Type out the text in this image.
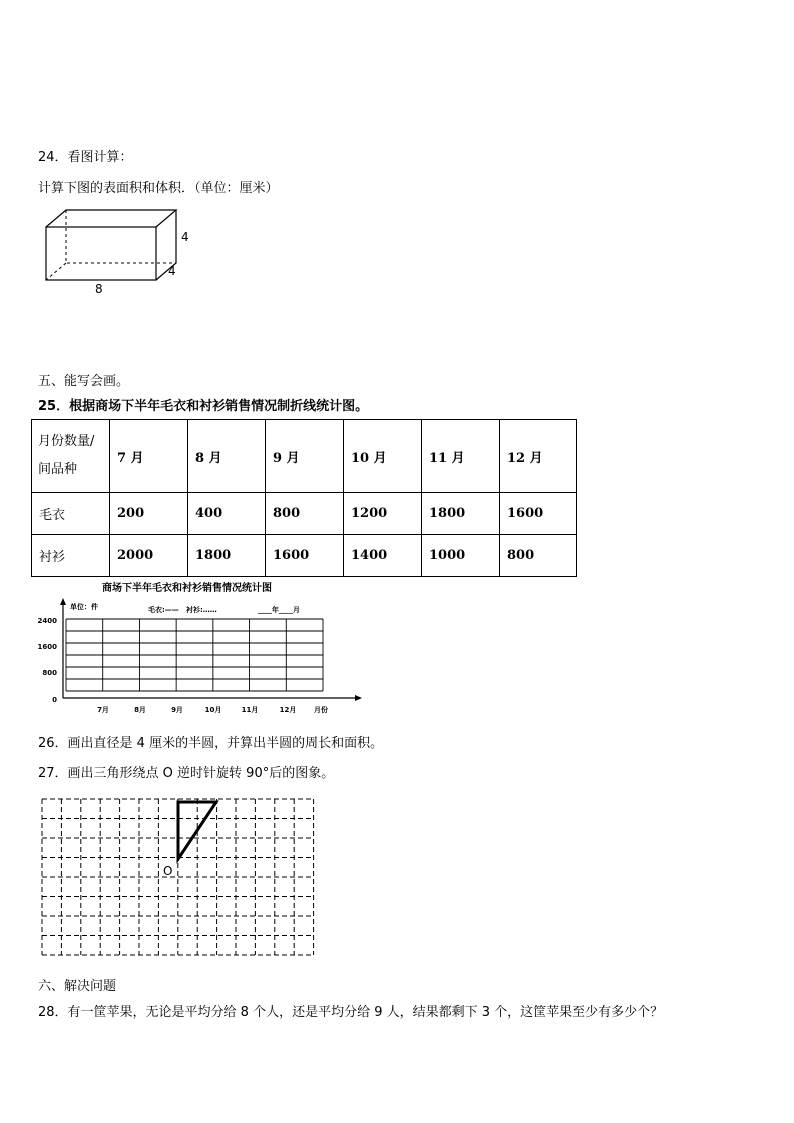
24．看图计算：
计算下图的表面积和体积．（单位：厘米）
4
4
8
五、能写会画。
25．根据商场下半年毛衣和衬衫销售情况制折线统计图。
月份数量/
间品种	7 月	8 月	9 月	10 月	11 月	12 月
毛衣	200	400	800	1200	1800	1600
衬衫	2000	1800	1600	1400	1000	800
商场下半年毛衣和衬衫销售情况统计图
单位：件	毛衣:—— 衬衫:……	____年____月
2400
1600
800
0
7月	8月	9月	10月	11月	12月	月份
26．画出直径是 4 厘米的半圆，并算出半圆的周长和面积。
27．画出三角形绕点 O 逆时针旋转 90°后的图象。
O
六、解决问题
28．有一筐苹果，无论是平均分给 8 个人，还是平均分给 9 人，结果都剩下 3 个，这筐苹果至少有多少个？
